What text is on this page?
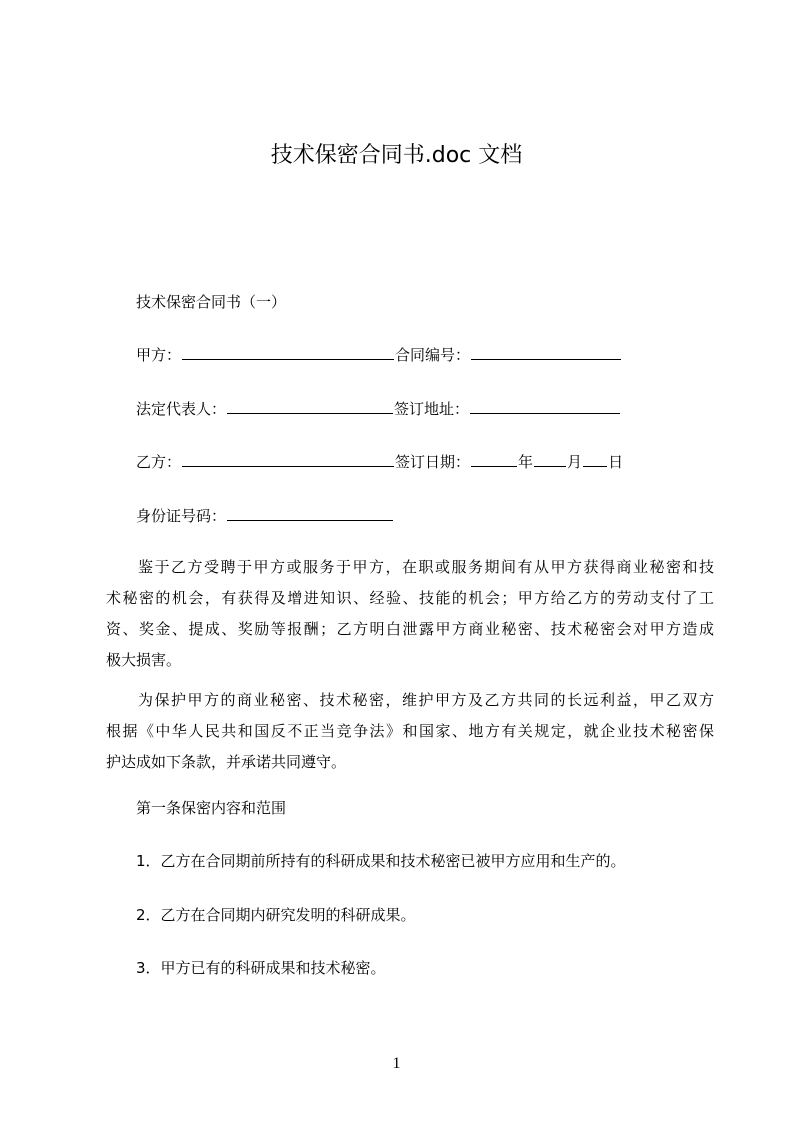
技术保密合同书.doc 文档
技术保密合同书（一）
甲方：	合同编号：
法定代表人：	签订地址：
乙方：	签订日期：	年 月 日
身份证号码：
鉴于乙方受聘于甲方或服务于甲方，在职或服务期间有从甲方获得商业秘密和技
术秘密的机会，有获得及增进知识、经验、技能的机会；甲方给乙方的劳动支付了工
资、奖金、提成、奖励等报酬；乙方明白泄露甲方商业秘密、技术秘密会对甲方造成
极大损害。
为保护甲方的商业秘密、技术秘密，维护甲方及乙方共同的长远利益，甲乙双方
根据《中华人民共和国反不正当竞争法》和国家、地方有关规定，就企业技术秘密保
护达成如下条款，并承诺共同遵守。
第一条保密内容和范围
1．乙方在合同期前所持有的科研成果和技术秘密已被甲方应用和生产的。
2．乙方在合同期内研究发明的科研成果。
3．甲方已有的科研成果和技术秘密。
1
